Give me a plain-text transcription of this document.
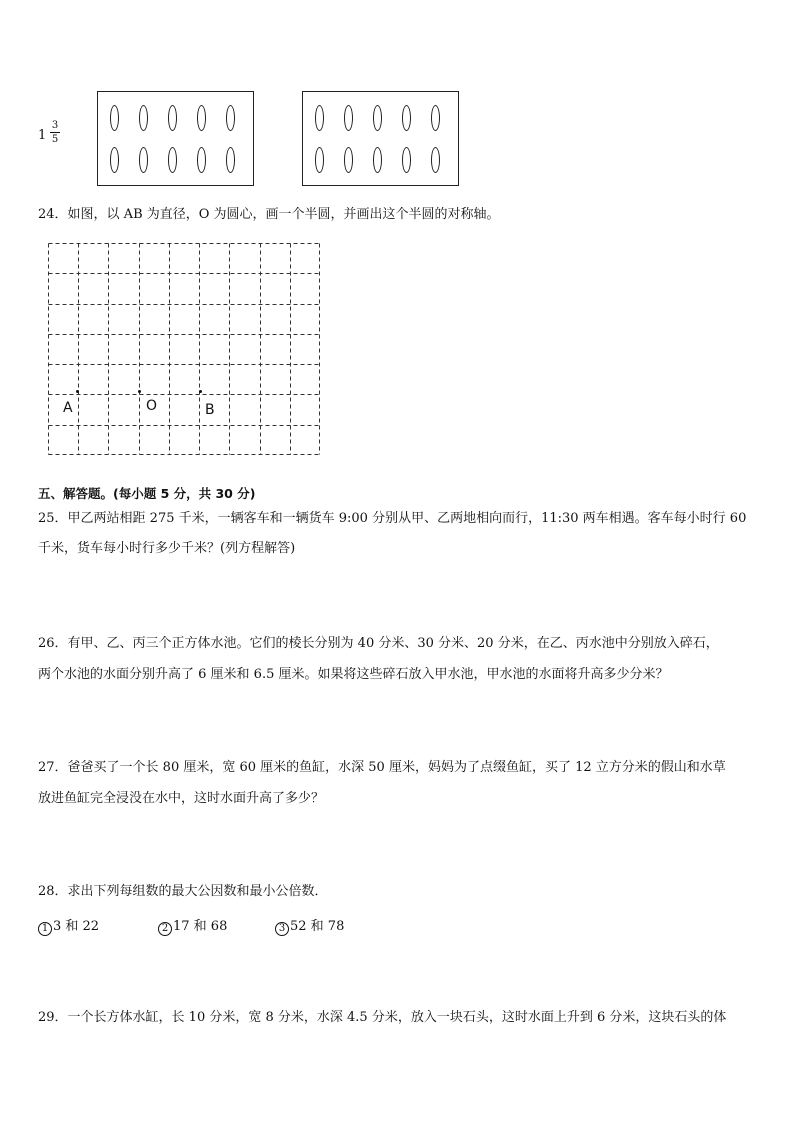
1
3
5
24．如图，以 AB 为直径，O 为圆心，画一个半圆，并画出这个半圆的对称轴。
A	O	B
五、解答题。(每小题 5 分，共 30 分)
25．甲乙两站相距 275 千米，一辆客车和一辆货车 9:00 分别从甲、乙两地相向而行，11:30 两车相遇。客车每小时行 60
千米，货车每小时行多少千米？(列方程解答)
26．有甲、乙、丙三个正方体水池。它们的棱长分别为 40 分米、30 分米、20 分米，在乙、丙水池中分别放入碎石，
两个水池的水面分别升高了 6 厘米和 6.5 厘米。如果将这些碎石放入甲水池，甲水池的水面将升高多少分米？
27．爸爸买了一个长 80 厘米，宽 60 厘米的鱼缸，水深 50 厘米，妈妈为了点缀鱼缸，买了 12 立方分米的假山和水草
放进鱼缸完全浸没在水中，这时水面升高了多少？
28．求出下列每组数的最大公因数和最小公倍数．
1 3 和 22	2 17 和 68	3 52 和 78
29．一个长方体水缸，长 10 分米，宽 8 分米，水深 4.5 分米，放入一块石头，这时水面上升到 6 分米，这块石头的体
